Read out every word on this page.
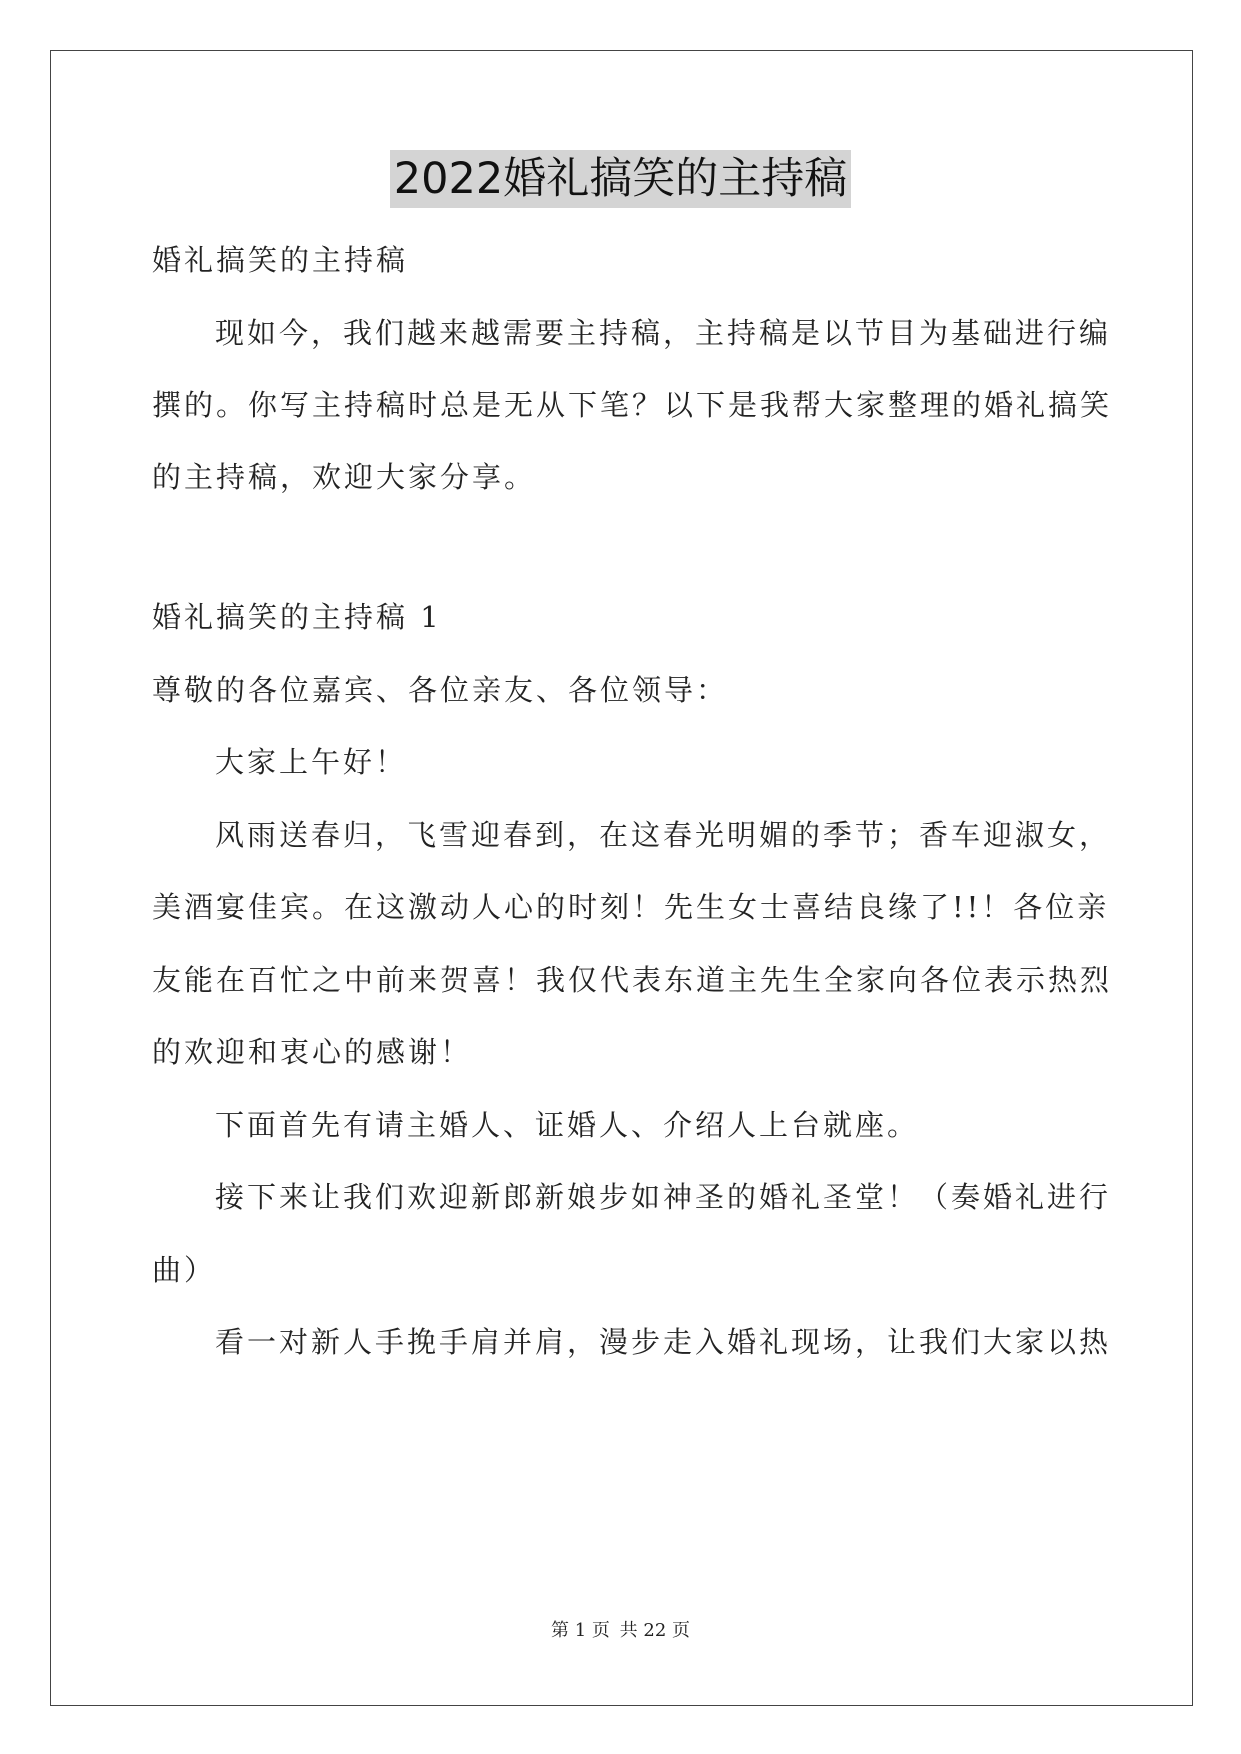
2022婚礼搞笑的主持稿
婚礼搞笑的主持稿
现如今，我们越来越需要主持稿，主持稿是以节目为基础进行编
撰的。你写主持稿时总是无从下笔？以下是我帮大家整理的婚礼搞笑
的主持稿，欢迎大家分享。
婚礼搞笑的主持稿 1
尊敬的各位嘉宾、各位亲友、各位领导：
大家上午好！
风雨送春归，飞雪迎春到，在这春光明媚的季节；香车迎淑女，
美酒宴佳宾。在这激动人心的时刻！先生女士喜结良缘了!!！各位亲
友能在百忙之中前来贺喜！我仅代表东道主先生全家向各位表示热烈
的欢迎和衷心的感谢！
下面首先有请主婚人、证婚人、介绍人上台就座。
接下来让我们欢迎新郎新娘步如神圣的婚礼圣堂！（奏婚礼进行
曲）
看一对新人手挽手肩并肩，漫步走入婚礼现场，让我们大家以热
第 1 页 共 22 页
